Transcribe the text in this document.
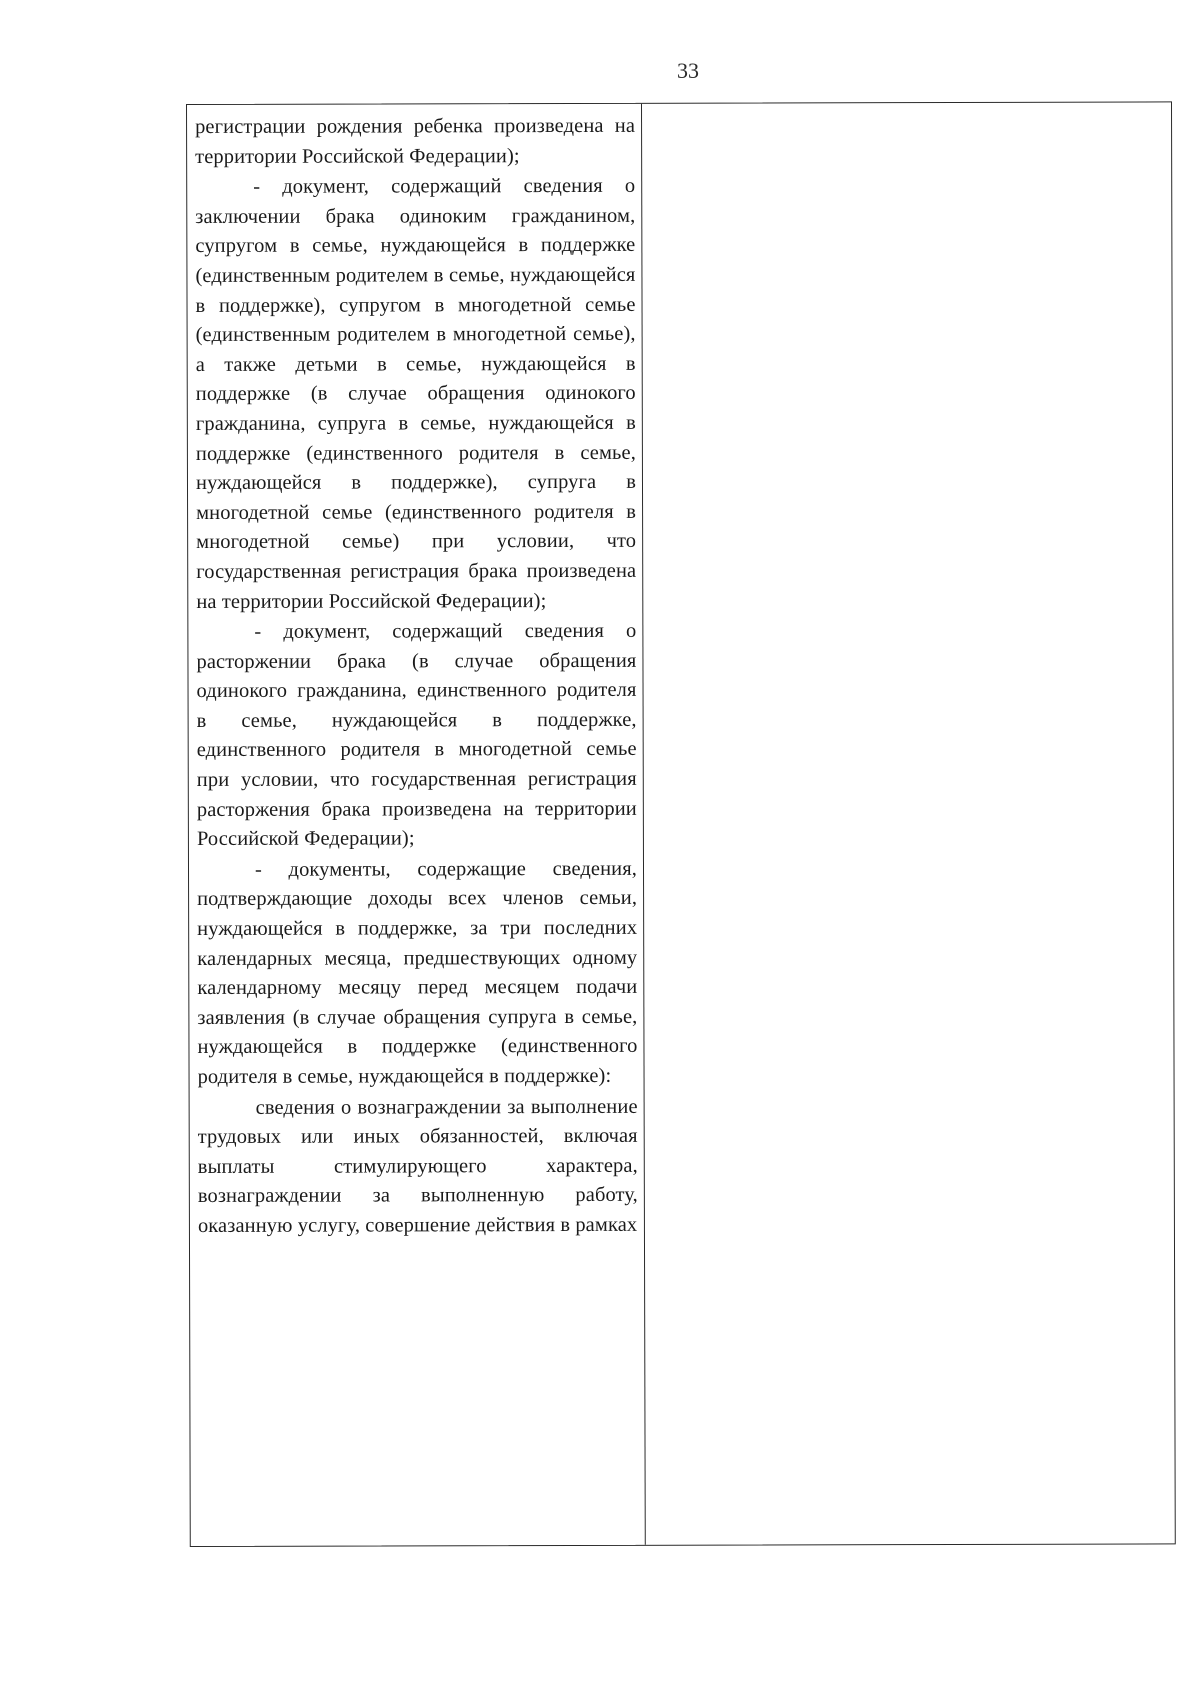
33

регистрации рождения ребенка произведена на территории Российской Федерации);

- документ, содержащий сведения о заключении брака одиноким гражданином, супругом в семье, нуждающейся в поддержке (единственным родителем в семье, нуждающейся в поддержке), супругом в многодетной семье (единственным родителем в многодетной семье), а также детьми в семье, нуждающейся в поддержке (в случае обращения одинокого гражданина, супруга в семье, нуждающейся в поддержке (единственного родителя в семье, нуждающейся в поддержке), супруга в многодетной семье (единственного родителя в многодетной семье) при условии, что государственная регистрация брака произведена на территории Российской Федерации);

- документ, содержащий сведения о расторжении брака (в случае обращения одинокого гражданина, единственного родителя в семье, нуждающейся в поддержке, единственного родителя в многодетной семье при условии, что государственная регистрация расторжения брака произведена на территории Российской Федерации);

- документы, содержащие сведения, подтверждающие доходы всех членов семьи, нуждающейся в поддержке, за три последних календарных месяца, предшествующих одному календарному месяцу перед месяцем подачи заявления (в случае обращения супруга в семье, нуждающейся в поддержке (единственного родителя в семье, нуждающейся в поддержке):

сведения о вознаграждении за выполнение трудовых или иных обязанностей, включая выплаты стимулирующего характера, вознаграждении за выполненную работу, оказанную услугу, совершение действия в рамках
